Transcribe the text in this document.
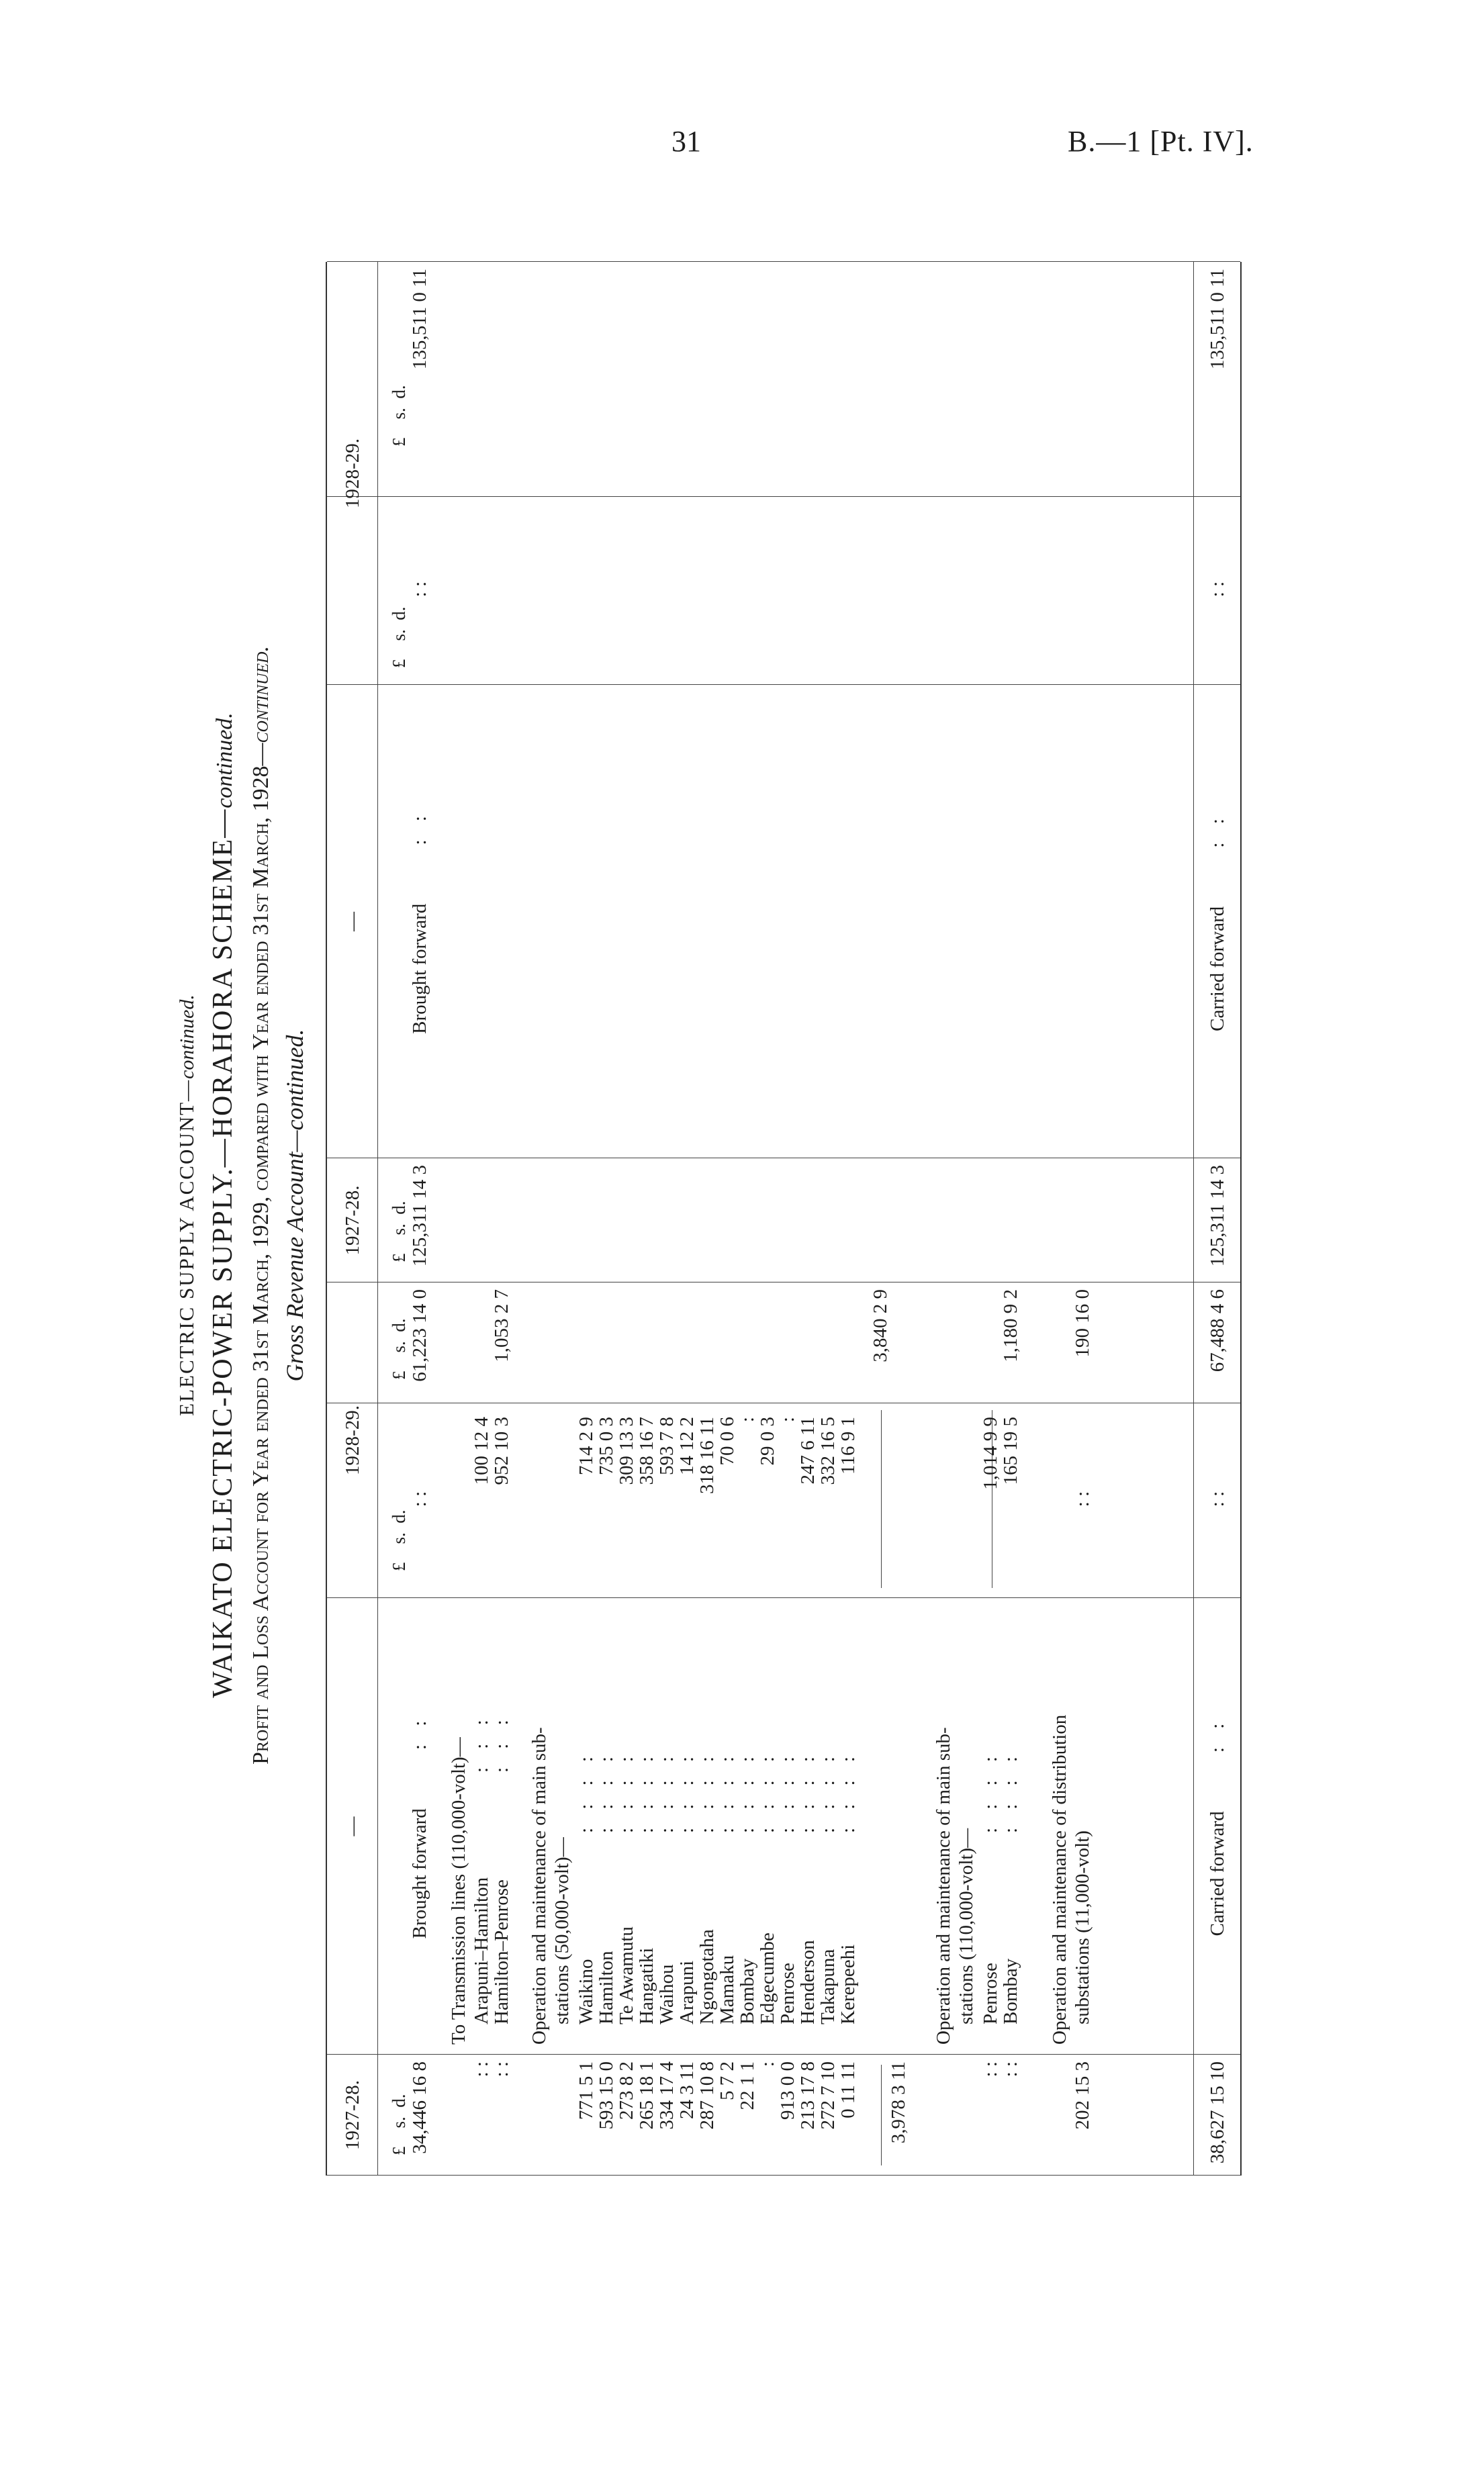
31	B.—1 [Pt. IV].
ELECTRIC SUPPLY ACCOUNT—continued. WAIKATO ELECTRIC-POWER SUPPLY.—HORAHORA SCHEME—continued. Profit and Loss Account for Year ended 31st March, 1929, compared with Year ended 31st March, 1928—continued.
Gross Revenue Account—continued.
1927-28.
—
1928-29.
1927-28.
—
1928-29.
£    s.  d.
£    s.  d.
£    s.  d.
£    s.  d.
£    s.  d.
£    s.  d.
34,446 16 8
Brought forward : :
: :
61,223 14 0
To Transmission lines (110,000-volt)—
: :
Arapuni–Hamilton
100 12 4
: : :
: :
Hamilton–Penrose
952 10 3
: : :
1,053 2 7
Operation and maintenance of main sub- stations (50,000-volt)—
771 5 1
Waikino
: : : :
714 2 9
593 15 0
Hamilton
: : : :
735 0 3
273 8 2
Te Awamutu
: : : :
309 13 3
265 18 1
Hangatiki
: : : :
358 16 7
334 17 4
Waihou
: : : :
593 7 8
24 3 11
Arapuni
: : : :
14 12 2
287 10 8
Ngongotaha
: : : :
318 16 11
5 7 2
Mamaku
: : : :
70 0 6
22 1 1
Bombay
: : : :
:
:
Edgecumbe
: : : :
29 0 3
913 0 0
Penrose
: : : :
:
213 17 8
Henderson
: : : :
247 6 11
272 7 10
Takapuna
: : : :
332 16 5
0 11 11
Kerepeehi
: : : :
116 9 1
3,978 3 11
3,840 2 9
Operation and maintenance of main sub- stations (110,000-volt)—
: :
Penrose
: : : :
1,014 9 9
: :
Bombay
: : : :
165 19 5
1,180 9 2
Operation and maintenance of distribution substations (11,000-volt)
202 15 3
: :
190 16 0
38,627 15 10
Carried forward : :
: :
67,488 4 6
125,311 14 3
Brought forward : :
: :
135,511 0 11
125,311 14 3
Carried forward : :
: :
135,511 0 11
